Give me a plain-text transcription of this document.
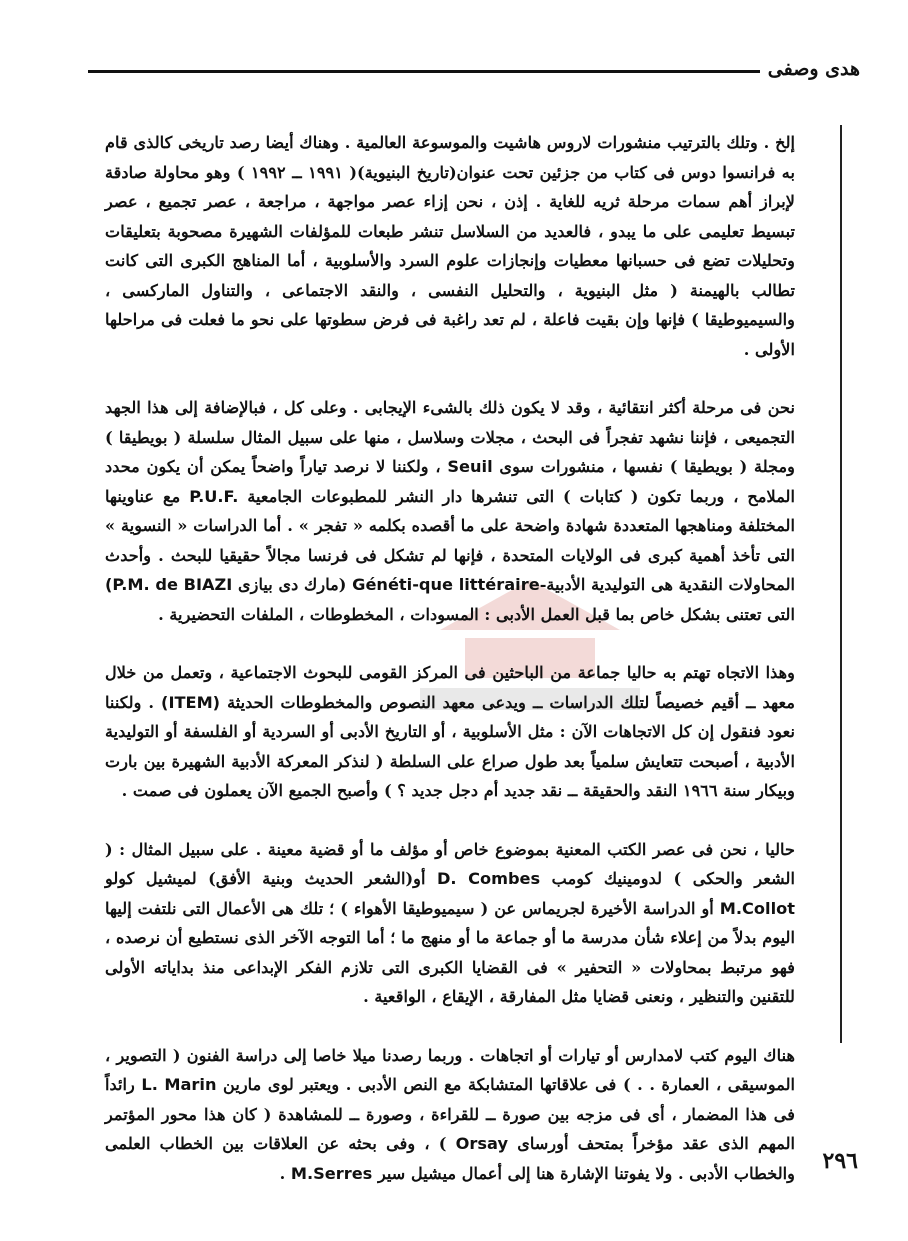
هدى وصفى

إلخ . وتلك بالترتيب منشورات لاروس هاشيت والموسوعة العالمية . وهناك أيضا رصد تاريخى كالذى قام به فرانسوا دوس فى كتاب من جزئين تحت عنوان(تاريخ البنيوية)( ١٩٩١ ــ ١٩٩٢ ) وهو محاولة صادقة لإبراز أهم سمات مرحلة ثريه للغاية . إذن ، نحن إزاء عصر مواجهة ، مراجعة ، عصر تجميع ، عصر تبسيط تعليمى على ما يبدو ، فالعديد من السلاسل تنشر طبعات للمؤلفات الشهيرة مصحوبة بتعليقات وتحليلات تضع فى حسبانها معطيات وإنجازات علوم السرد والأسلوبية ، أما المناهج الكبرى التى كانت تطالب بالهيمنة ( مثل البنيوية ، والتحليل النفسى ، والنقد الاجتماعى ، والتناول الماركسى ، والسيميوطيقا ) فإنها وإن بقيت فاعلة ، لم تعد راغبة فى فرض سطوتها على نحو ما فعلت فى مراحلها الأولى .

نحن فى مرحلة أكثر انتقائية ، وقد لا يكون ذلك بالشىء الإيجابى . وعلى كل ، فبالإضافة إلى هذا الجهد التجميعى ، فإننا نشهد تفجراً فى البحث ، مجلات وسلاسل ، منها على سبيل المثال سلسلة ( بويطيقا ) ومجلة ( بويطيقا ) نفسها ، منشورات سوى Seuil ، ولكننا لا نرصد تياراً واضحاً يمكن أن يكون محدد الملامح ، وربما تكون ( كتابات ) التى تنشرها دار النشر للمطبوعات الجامعية P.U.F. مع عناوينها المختلفة ومناهجها المتعددة شهادة واضحة على ما أقصده بكلمه « تفجر » . أما الدراسات « النسوية » التى تأخذ أهمية كبرى فى الولايات المتحدة ، فإنها لم تشكل فى فرنسا مجالاً حقيقيا للبحث . وأحدث المحاولات النقدية هى التوليدية الأدبية-Généti-que littéraire (مارك دى بيازى (P.M. de BIAZI التى تعتنى بشكل خاص بما قبل العمل الأدبى : المسودات ، المخطوطات ، الملفات التحضيرية .

وهذا الاتجاه تهتم به حاليا جماعة من الباحثين فى المركز القومى للبحوث الاجتماعية ، وتعمل من خلال معهد ــ أقيم خصيصاً لتلك الدراسات ــ ويدعى معهد النصوص والمخطوطات الحديثة (ITEM) . ولكننا نعود فنقول إن كل الاتجاهات الآن : مثل الأسلوبية ، أو التاريخ الأدبى أو السردية أو الفلسفة أو التوليدية الأدبية ، أصبحت تتعايش سلمياً بعد طول صراع على السلطة ( لنذكر المعركة الأدبية الشهيرة بين بارت وبيكار سنة ١٩٦٦ النقد والحقيقة ــ نقد جديد أم دجل جديد ؟ ) وأصبح الجميع الآن يعملون فى صمت .

حاليا ، نحن فى عصر الكتب المعنية بموضوع خاص أو مؤلف ما أو قضية معينة . على سبيل المثال : ( الشعر والحكى ) لدومينيك كومب D. Combes أو(الشعر الحديث وبنية الأفق) لميشيل كولو M.Collot أو الدراسة الأخيرة لجريماس عن ( سيميوطيقا الأهواء ) ؛ تلك هى الأعمال التى نلتفت إليها اليوم بدلاً من إعلاء شأن مدرسة ما أو جماعة ما أو منهج ما ؛ أما التوجه الآخر الذى نستطيع أن نرصده ، فهو مرتبط بمحاولات « التحفير » فى القضايا الكبرى التى تلازم الفكر الإبداعى منذ بداياته الأولى للتقنين والتنظير ، ونعنى قضايا مثل المفارقة ، الإيقاع ، الواقعية .

هناك اليوم كتب لامدارس أو تيارات أو اتجاهات . وربما رصدنا ميلا خاصا إلى دراسة الفنون ( التصوير ، الموسيقى ، العمارة . . ) فى علاقاتها المتشابكة مع النص الأدبى . ويعتبر لوى مارين L. Marin رائداً فى هذا المضمار ، أى فى مزجه بين صورة ــ للقراءة ، وصورة ــ للمشاهدة ( كان هذا محور المؤتمر المهم الذى عقد مؤخراً بمتحف أورساى Orsay ) ، وفى بحثه عن العلاقات بين الخطاب العلمى والخطاب الأدبى . ولا يفوتنا الإشارة هنا إلى أعمال ميشيل سير M.Serres .	٢٩٦
